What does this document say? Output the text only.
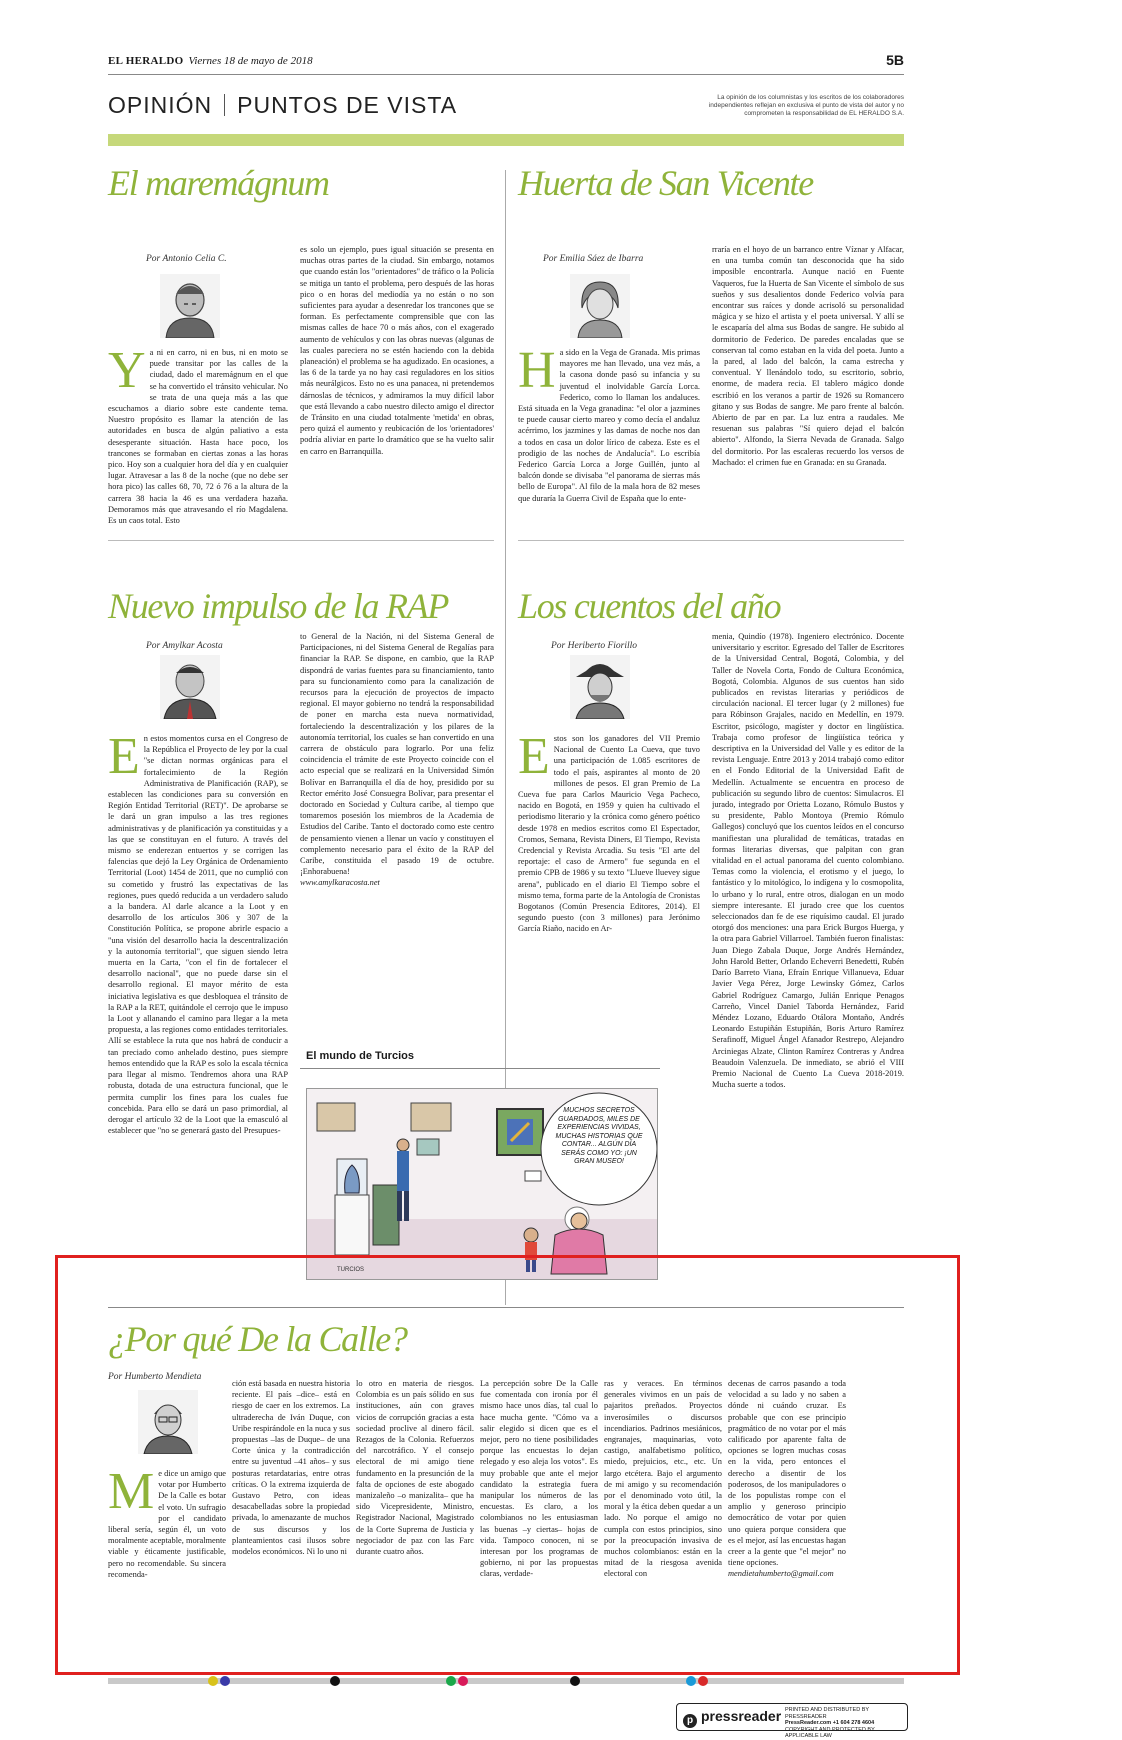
EL HERALDO Viernes 18 de mayo de 2018	5B
OPINIÓN PUNTOS DE VISTA	La opinión de los columnistas y los escritos de los colaboradores independientes reflejan en exclusiva el punto de vista del autor y no comprometen la responsabilidad de EL HERALDO S.A.
El maremágnum
Por Antonio Celia C.

Ya ni en carro, ni en bus, ni en moto se puede transitar por las calles de la ciudad, dado el maremágnum en el que se ha convertido el tránsito vehicular. No se trata de una queja más a las que escuchamos a diario sobre este candente tema. Nuestro propósito es llamar la atención de las autoridades en busca de algún paliativo a esta desesperante situación. Hasta hace poco, los trancones se formaban en ciertas zonas a las horas pico. Hoy son a cualquier hora del día y en cualquier lugar. Atravesar a las 8 de la noche (que no debe ser hora pico) las calles 68, 70, 72 ó 76 a la altura de la carrera 38 hacia la 46 es una verdadera hazaña. Demoramos más que atravesando el río Magdalena. Es un caos total. Esto

es solo un ejemplo, pues igual situación se presenta en muchas otras partes de la ciudad. Sin embargo, notamos que cuando están los "orientadores" de tráfico o la Policía se mitiga un tanto el problema, pero después de las horas pico o en horas del mediodía ya no están o no son suficientes para ayudar a desenredar los trancones que se forman. Es perfectamente comprensible que con las mismas calles de hace 70 o más años, con el exagerado aumento de vehículos y con las obras nuevas (algunas de las cuales pareciera no se estén haciendo con la debida planeación) el problema se ha agudizado. En ocasiones, a las 6 de la tarde ya no hay casi reguladores en los sitios más neurálgicos. Esto no es una panacea, ni pretendemos dárnoslas de técnicos, y admiramos la muy difícil labor que está llevando a cabo nuestro dilecto amigo el director de Tránsito en una ciudad totalmente 'metida' en obras, pero quizá el aumento y reubicación de los 'orientadores' podría aliviar en parte lo dramático que se ha vuelto salir en carro en Barranquilla.

Huerta de San Vicente
Por Emilia Sáez de Ibarra

Ha sido en la Vega de Granada. Mis primas mayores me han llevado, una vez más, a la casona donde pasó su infancia y su juventud el inolvidable García Lorca. Federico, como lo llaman los andaluces. Está situada en la Vega granadina: "el olor a jazmines te puede causar cierto mareo y como decía el andaluz acérrimo, los jazmines y las damas de noche nos dan a todos en casa un dolor lírico de cabeza. Este es el prodigio de las noches de Andalucía". Lo escribía Federico García Lorca a Jorge Guillén, junto al balcón donde se divisaba "el panorama de sierras más bello de Europa". Al filo de la mala hora de 82 meses que duraría la Guerra Civil de España que lo ente-

rraría en el hoyo de un barranco entre Víznar y Alfacar, en una tumba común tan desconocida que ha sido imposible encontrarla. Aunque nació en Fuente Vaqueros, fue la Huerta de San Vicente el símbolo de sus sueños y sus desalientos donde Federico volvía para encontrar sus raíces y donde acrisoló su personalidad mágica y se hizo el artista y el poeta universal. Y allí se le escaparía del alma sus Bodas de sangre. He subido al dormitorio de Federico. De paredes encaladas que se conservan tal como estaban en la vida del poeta. Junto a la pared, al lado del balcón, la cama estrecha y conventual. Y llenándolo todo, su escritorio, sobrio, enorme, de madera recia. El tablero mágico donde escribió en los veranos a partir de 1926 su Romancero gitano y sus Bodas de sangre. Me paro frente al balcón. Abierto de par en par. La luz entra a raudales. Me resuenan sus palabras "Sí quiero dejad el balcón abierto". Alfondo, la Sierra Nevada de Granada. Salgo del dormitorio. Por las escaleras recuerdo los versos de Machado: el crimen fue en Granada: en su Granada.

Nuevo impulso de la RAP
Por Amylkar Acosta

En estos momentos cursa en el Congreso de la República el Proyecto de ley por la cual "se dictan normas orgánicas para el fortalecimiento de la Región Administrativa de Planificación (RAP), se establecen las condiciones para su conversión en Región Entidad Territorial (RET)". De aprobarse se le dará un gran impulso a las tres regiones administrativas y de planificación ya constituidas y a las que se constituyan en el futuro. A través del mismo se enderezan entuertos y se corrigen las falencias que dejó la Ley Orgánica de Ordenamiento Territorial (Loot) 1454 de 2011, que no cumplió con su cometido y frustró las expectativas de las regiones, pues quedó reducida a un verdadero saludo a la bandera. Al darle alcance a la Loot y en desarrollo de los artículos 306 y 307 de la Constitución Política, se propone abrirle espacio a "una visión del desarrollo hacia la descentralización y la autonomía territorial", que siguen siendo letra muerta en la Carta, "con el fin de fortalecer el desarrollo nacional", que no puede darse sin el desarrollo regional. El mayor mérito de esta iniciativa legislativa es que desbloquea el tránsito de la RAP a la RET, quitándole el cerrojo que le impuso la Loot y allanando el camino para llegar a la meta propuesta, a las regiones como entidades territoriales. Allí se establece la ruta que nos habrá de conducir a tan preciado como anhelado destino, pues siempre hemos entendido que la RAP es solo la escala técnica para llegar al mismo. Tendremos ahora una RAP robusta, dotada de una estructura funcional, que le permita cumplir los fines para los cuales fue concebida. Para ello se dará un paso primordial, al derogar el artículo 32 de la Loot que la emasculó al establecer que "no se generará gasto del Presupues-

to General de la Nación, ni del Sistema General de Participaciones, ni del Sistema General de Regalías para financiar la RAP. Se dispone, en cambio, que la RAP dispondrá de varias fuentes para su financiamiento, tanto para su funcionamiento como para la canalización de recursos para la ejecución de proyectos de impacto regional. El mayor gobierno no tendrá la responsabilidad de poner en marcha esta nueva normatividad, fortaleciendo la descentralización y los pilares de la autonomía territorial, los cuales se han convertido en una carrera de obstáculo para lograrlo. Por una feliz coincidencia el trámite de este Proyecto coincide con el acto especial que se realizará en la Universidad Simón Bolívar en Barranquilla el día de hoy, presidido por su Rector emérito José Consuegra Bolívar, para presentar el doctorado en Sociedad y Cultura caribe, al tiempo que tomaremos posesión los miembros de la Academia de Estudios del Caribe. Tanto el doctorado como este centro de pensamiento vienen a llenar un vacío y constituyen el complemento necesario para el éxito de la RAP del Caribe, constituida el pasado 19 de octubre. ¡Enhorabuena!

www.amylkaracosta.net

El mundo de Turcios
MUCHOS SECRETOS GUARDADOS, MILES DE EXPERIENCIAS VIVIDAS, MUCHAS HISTORIAS QUE CONTAR... ALGÚN DÍA SERÁS COMO YO: ¡UN GRAN MUSEO!
TURCIOS
Los cuentos del año
Por Heriberto Fiorillo

Estos son los ganadores del VII Premio Nacional de Cuento La Cueva, que tuvo una participación de 1.085 escritores de todo el país, aspirantes al monto de 20 millones de pesos. El gran Premio de La Cueva fue para Carlos Mauricio Vega Pacheco, nacido en Bogotá, en 1959 y quien ha cultivado el periodismo literario y la crónica como género poético desde 1978 en medios escritos como El Espectador, Cromos, Semana, Revista Diners, El Tiempo, Revista Credencial y Revista Arcadia. Su tesis "El arte del reportaje: el caso de Armero" fue segunda en el premio CPB de 1986 y su texto "Llueve lluevey sigue arena", publicado en el diario El Tiempo sobre el mismo tema, forma parte de la Antología de Cronistas Bogotanos (Común Presencia Editores, 2014). El segundo puesto (con 3 millones) para Jerónimo García Riaño, nacido en Ar-

menia, Quindío (1978). Ingeniero electrónico. Docente universitario y escritor. Egresado del Taller de Escritores de la Universidad Central, Bogotá, Colombia, y del Taller de Novela Corta, Fondo de Cultura Económica, Bogotá, Colombia. Algunos de sus cuentos han sido publicados en revistas literarias y periódicos de circulación nacional. El tercer lugar (y 2 millones) fue para Róbinson Grajales, nacido en Medellín, en 1979. Escritor, psicólogo, magíster y doctor en lingüística. Trabaja como profesor de lingüística teórica y descriptiva en la Universidad del Valle y es editor de la revista Lenguaje. Entre 2013 y 2014 trabajó como editor en el Fondo Editorial de la Universidad Eafit de Medellín. Actualmente se encuentra en proceso de publicación su segundo libro de cuentos: Simulacros. El jurado, integrado por Orietta Lozano, Rómulo Bustos y su presidente, Pablo Montoya (Premio Rómulo Gallegos) concluyó que los cuentos leídos en el concurso manifiestan una pluralidad de temáticas, tratadas en formas literarias diversas, que palpitan con gran vitalidad en el actual panorama del cuento colombiano. Temas como la violencia, el erotismo y el juego, lo fantástico y lo mitológico, lo indígena y lo cosmopolita, lo urbano y lo rural, entre otros, dialogan en un modo siempre interesante. El jurado cree que los cuentos seleccionados dan fe de ese riquísimo caudal. El jurado otorgó dos menciones: una para Erick Burgos Huerga, y la otra para Gabriel Villarroel. También fueron finalistas: Juan Diego Zabala Duque, Jorge Andrés Hernández, John Harold Better, Orlando Echeverri Benedetti, Rubén Darío Barreto Viana, Efraín Enrique Villanueva, Eduar Javier Vega Pérez, Jorge Lewinsky Gómez, Carlos Gabriel Rodríguez Camargo, Julián Enrique Penagos Carreño, Vincel Daniel Taborda Hernández, Farid Méndez Lozano, Eduardo Otálora Montaño, Andrés Leonardo Estupiñán Estupiñán, Boris Arturo Ramírez Serafinoff, Miguel Ángel Afanador Restrepo, Alejandro Arciniegas Alzate, Clinton Ramírez Contreras y Andrea Beaudoin Valenzuela. De inmediato, se abrió el VIII Premio Nacional de Cuento La Cueva 2018-2019. Mucha suerte a todos.

¿Por qué De la Calle?
Por Humberto Mendieta

Me dice un amigo que votar por Humberto De la Calle es botar el voto. Un sufragio por el candidato liberal sería, según él, un voto moralmente aceptable, moralmente viable y éticamente justificable, pero no recomendable. Su sincera recomenda-

ción está basada en nuestra historia reciente. El país –dice– está en riesgo de caer en los extremos. La ultraderecha de Iván Duque, con Uribe respirándole en la nuca y sus propuestas –las de Duque– de una Corte única y la contradicción entre su juventud –41 años– y sus posturas retardatarias, entre otras críticas. O la extrema izquierda de Gustavo Petro, con ideas desacabelladas sobre la propiedad privada, lo amenazante de muchos de sus discursos y los planteamientos casi ilusos sobre modelos económicos. Ni lo uno ni

lo otro en materia de riesgos. Colombia es un país sólido en sus instituciones, aún con graves vicios de corrupción gracias a esta sociedad proclive al dinero fácil. Rezagos de la Colonia. Refuerzos del narcotráfico. Y el consejo electoral de mi amigo tiene fundamento en la presunción de la falta de opciones de este abogado manizaleño –o manizalita– que ha sido Vicepresidente, Ministro, Registrador Nacional, Magistrado de la Corte Suprema de Justicia y negociador de paz con las Farc durante cuatro años.

La percepción sobre De la Calle fue comentada con ironía por él mismo hace unos días, tal cual lo hace mucha gente. "Cómo va a salir elegido si dicen que es el mejor, pero no tiene posibilidades porque las encuestas lo dejan relegado y eso aleja los votos". Es muy probable que ante el mejor candidato la estrategia fuera manipular los números de las encuestas. Es claro, a los colombianos no les entusiasman las buenas –y ciertas– hojas de vida. Tampoco conocen, ni se interesan por los programas de gobierno, ni por las propuestas claras, verdade-

ras y veraces. En términos generales vivimos en un país de pajaritos preñados. Proyectos inverosímiles o discursos incendiarios. Padrinos mesiánicos, engranajes, maquinarias, voto castigo, analfabetismo político, miedo, prejuicios, etc., etc. Un largo etcétera. Bajo el argumento de mi amigo y su recomendación por el denominado voto útil, la moral y la ética deben quedar a un lado. No porque el amigo no cumpla con estos principios, sino por la preocupación invasiva de muchos colombianos: están en la mitad de la riesgosa avenida electoral con

decenas de carros pasando a toda velocidad a su lado y no saben a dónde ni cuándo cruzar. Es probable que con ese principio pragmático de no votar por el más calificado por aparente falta de opciones se logren muchas cosas en la vida, pero entonces el derecho a disentir de los poderosos, de los manipuladores o de los populistas rompe con el amplio y generoso principio democrático de votar por quien uno quiera porque considera que es el mejor, así las encuestas hagan creer a la gente que "el mejor" no tiene opciones.

mendietahumberto@gmail.com

p pressreader PRINTED AND DISTRIBUTED BY PRESSREADER
PressReader.com +1 604 278 4604
COPYRIGHT AND PROTECTED BY APPLICABLE LAW
